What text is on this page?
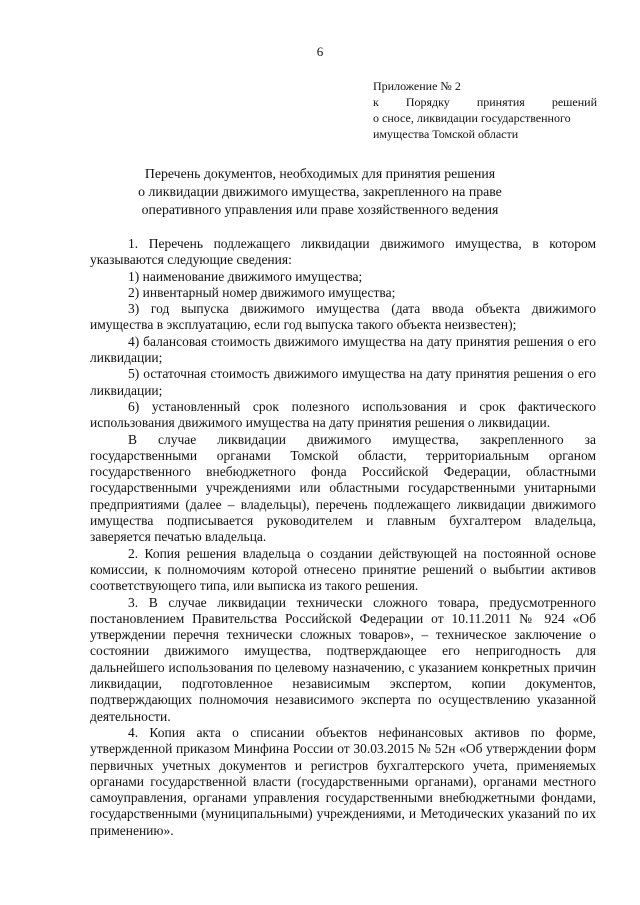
6
Приложение № 2
к Порядку принятия решений
о сносе, ликвидации государственного
имущества Томской области
Перечень документов, необходимых для принятия решения
о ликвидации движимого имущества, закрепленного на праве
оперативного управления или праве хозяйственного ведения

1. Перечень подлежащего ликвидации движимого имущества, в котором указываются следующие сведения:

1) наименование движимого имущества;

2) инвентарный номер движимого имущества;

3) год выпуска движимого имущества (дата ввода объекта движимого имущества в эксплуатацию, если год выпуска такого объекта неизвестен);

4) балансовая стоимость движимого имущества на дату принятия решения о его ликвидации;

5) остаточная стоимость движимого имущества на дату принятия решения о его ликвидации;

6) установленный срок полезного использования и срок фактического использования движимого имущества на дату принятия решения о ликвидации.

В случае ликвидации движимого имущества, закрепленного за государственными органами Томской области, территориальным органом государственного внебюджетного фонда Российской Федерации, областными государственными учреждениями или областными государственными унитарными предприятиями (далее – владельцы), перечень подлежащего ликвидации движимого имущества подписывается руководителем и главным бухгалтером владельца, заверяется печатью владельца.

2. Копия решения владельца о создании действующей на постоянной основе комиссии, к полномочиям которой отнесено принятие решений о выбытии активов соответствующего типа, или выписка из такого решения.

3. В случае ликвидации технически сложного товара, предусмотренного постановлением Правительства Российской Федерации от 10.11.2011 № 924 «Об утверждении перечня технически сложных товаров», – техническое заключение о состоянии движимого имущества, подтверждающее его непригодность для дальнейшего использования по целевому назначению, с указанием конкретных причин ликвидации, подготовленное независимым экспертом, копии документов, подтверждающих полномочия независимого эксперта по осуществлению указанной деятельности.

4. Копия акта о списании объектов нефинансовых активов по форме, утвержденной приказом Минфина России от 30.03.2015 № 52н «Об утверждении форм первичных учетных документов и регистров бухгалтерского учета, применяемых органами государственной власти (государственными органами), органами местного самоуправления, органами управления государственными внебюджетными фондами, государственными (муниципальными) учреждениями, и Методических указаний по их применению».
